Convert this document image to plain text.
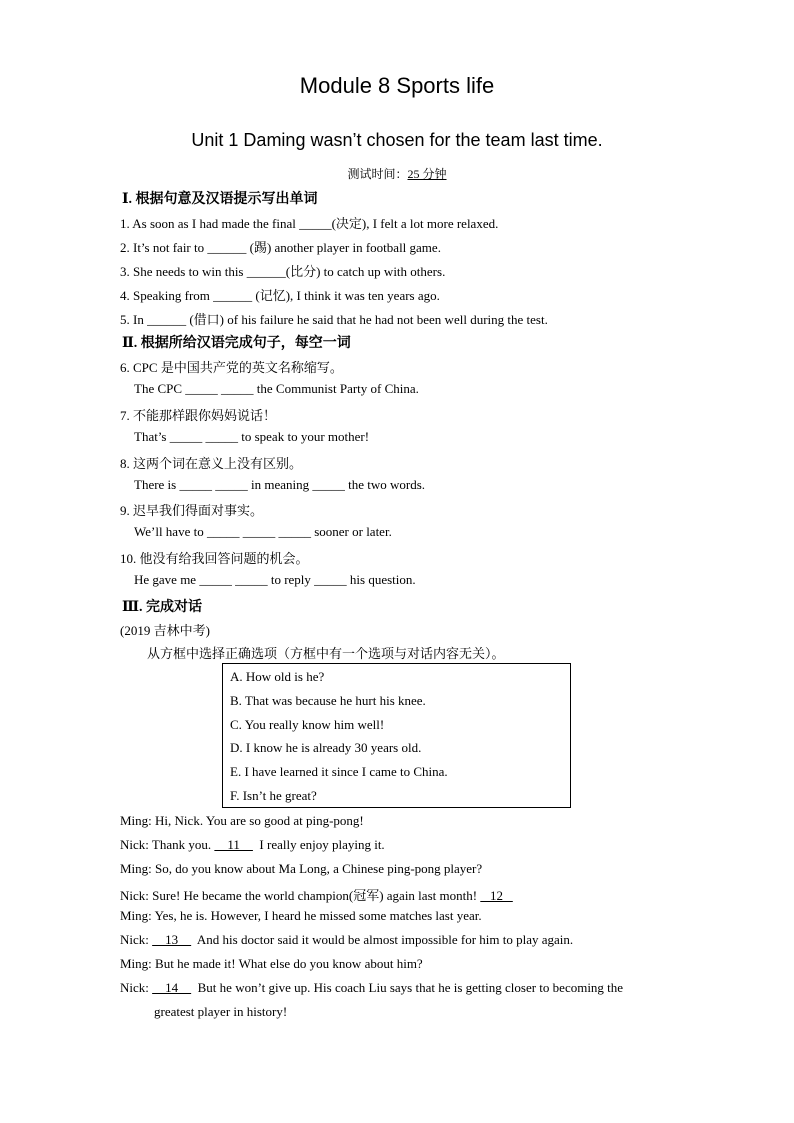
Module 8 Sports life
Unit 1 Daming wasn’t chosen for the team last time.
测试时间：25 分钟
Ⅰ. 根据句意及汉语提示写出单词
1. As soon as I had made the final _____(决定), I felt a lot more relaxed.
2. It’s not fair to ______ (踢) another player in football game.
3. She needs to win this ______(比分) to catch up with others.
4. Speaking from ______ (记忆), I think it was ten years ago.
5. In ______ (借口) of his failure he said that he had not been well during the test.
Ⅱ. 根据所给汉语完成句子，每空一词
6. CPC 是中国共产党的英文名称缩写。
The CPC _____ _____ the Communist Party of China.
7. 不能那样跟你妈妈说话！
That’s _____ _____ to speak to your mother!
8. 这两个词在意义上没有区别。
There is _____ _____ in meaning _____ the two words.
9. 迟早我们得面对事实。
We’ll have to _____ _____ _____ sooner or later.
10. 他没有给我回答问题的机会。
He gave me _____ _____ to reply _____ his question.
Ⅲ. 完成对话
(2019 吉林中考)
从方框中选择正确选项（方框中有一个选项与对话内容无关）。
A. How old is he?
B. That was because he hurt his knee.
C. You really know him well!
D. I know he is already 30 years old.
E. I have learned it since I came to China.
F. Isn’t he great?
Ming: Hi, Nick. You are so good at ping-pong!
Nick: Thank you.     11      I really enjoy playing it.
Ming: So, do you know about Ma Long, a Chinese ping-pong player?
Nick: Sure! He became the world champion(冠军) again last month!    12
Ming: Yes, he is. However, I heard he missed some matches last year.
Nick:     13      And his doctor said it would be almost impossible for him to play again.
Ming: But he made it! What else do you know about him?
Nick:     14      But he won’t give up. His coach Liu says that he is getting closer to becoming the
greatest player in history!
